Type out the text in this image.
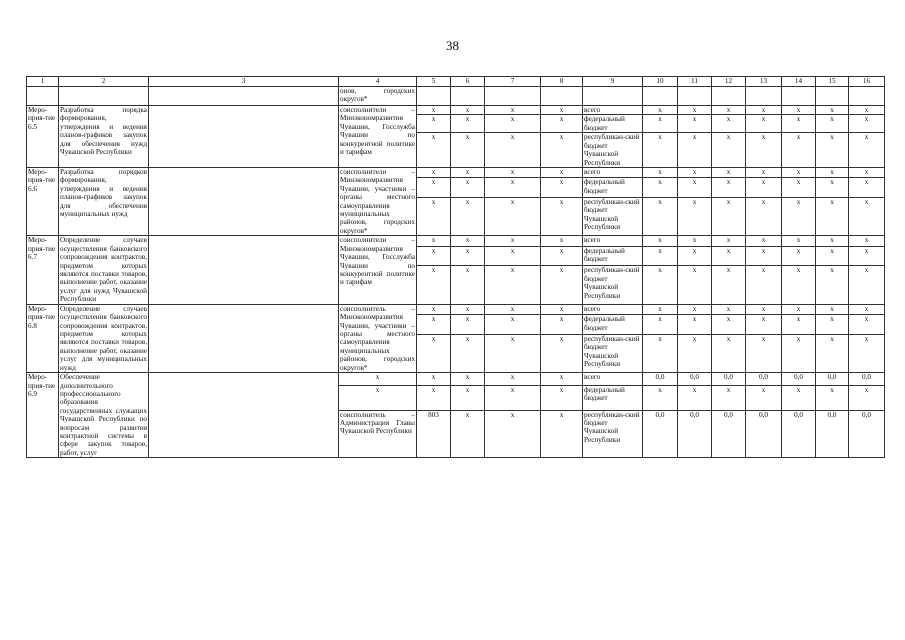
38
1	2	3	4	5	6	7	8	9	10	11	12	13	14	15	16
			онов, городских округов*												
Меро-прия-тие 6.5	Разработка порядка формирования, утверждения и ведения планов-графиков закупок для обеспечения нужд Чувашской Республики		соисполнители – Минэкономразвития Чувашии, Госслужба Чувашии по конкурентной политике и тарифам	x	x	x	x	всего	x	x	x	x	x	x	x
				x	x	x	x	федеральный бюджет	x	x	x	x	x	x	x
				x	x	x	x	республикан-ский бюджет Чувашской Республики	x	x	x	x	x	x	x
Меро-прия-тие 6.6	Разработка порядков формирования, утверждения и ведения планов-графиков закупок для обеспечения муниципальных нужд		соисполнители – Минэкономразвития Чувашии, участники – органы местного самоуправления муниципальных районов, городских округов*	x	x	x	x	всего	x	x	x	x	x	x	x
				x	x	x	x	федеральный бюджет	x	x	x	x	x	x	x
				x	x	x	x	республикан-ский бюджет Чувашской Республики	x	x	x	x	x	x	x
Меро-прия-тие 6.7	Определение случаев осуществления банковского сопровождения контрактов, предметом которых являются поставки товаров, выполнение работ, оказание услуг для нужд Чувашской Республики		соисполнители – Минэкономразвития Чувашии, Госслужба Чувашии по конкурентной политике и тарифам	x	x	x	x	всего	x	x	x	x	x	x	x
				x	x	x	x	федеральный бюджет	x	x	x	x	x	x	x
				x	x	x	x	республикан-ский бюджет Чувашской Республики	x	x	x	x	x	x	x
Меро-прия-тие 6.8	Определение случаев осуществления банковского сопровождения контрактов, предметом которых являются поставки товаров, выполнение работ, оказание услуг для муниципальных нужд		соисполнитель – Минэкономразвития Чувашии, участники – органы местного самоуправления муниципальных районов, городских округов*	x	x	x	x	всего	x	x	x	x	x	x	x
				x	x	x	x	федеральный бюджет	x	x	x	x	x	x	x
				x	x	x	x	республикан-ский бюджет Чувашской Республики	x	x	x	x	x	x	x
Меро-прия-тие 6.9	Обеспечение дополнительного профессионального образования государственных служащих Чувашской Республики по вопросам развития контрактной системы в сфере закупок товаров, работ, услуг		x	x	x	x	x	всего	0,0	0,0	0,0	0,0	0,0	0,0	0,0
			x	x	x	x	x	федеральный бюджет	x	x	x	x	x	x	x
			соисполнитель – Администрация Главы Чувашской Республики	803	x	x	x	республикан-ский бюджет Чувашской Республики	0,0	0,0	0,0	0,0	0,0	0,0	0,0
